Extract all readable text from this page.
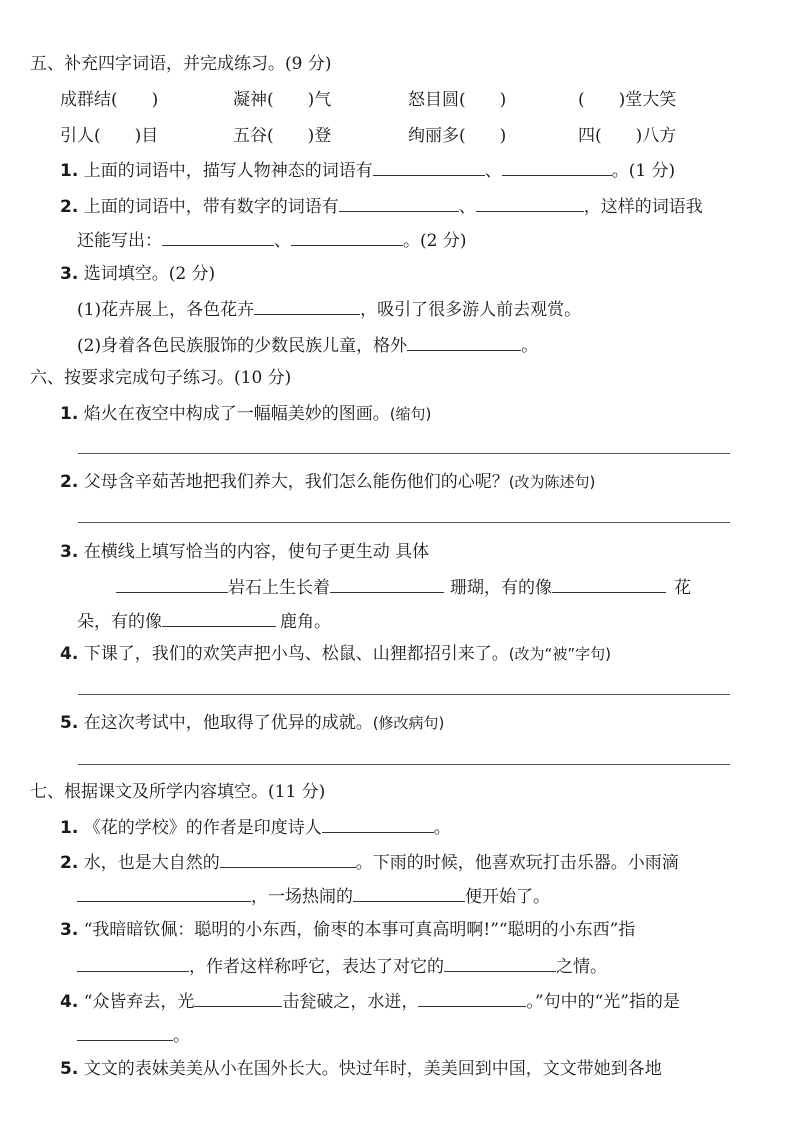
五、补充四字词语，并完成练习。(9 分)
成群结(　　)	凝神(　　)气	怒目圆(　　)	(　　)堂大笑
引人(　　)目	五谷(　　)登	绚丽多(　　)	四(　　)八方
1. 上面的词语中，描写人物神态的词语有	、	。(1 分)
2. 上面的词语中，带有数字的词语有	、	，这样的词语我
还能写出：	、	。(2 分)
3. 选词填空。(2 分)
(1)花卉展上，各色花卉	，吸引了很多游人前去观赏。
(2)身着各色民族服饰的少数民族儿童，格外	。
六、按要求完成句子练习。(10 分)
1. 焰火在夜空中构成了一幅幅美妙的图画。(缩句)
2. 父母含辛茹苦地把我们养大，我们怎么能伤他们的心呢？(改为陈述句)
3. 在横线上填写恰当的内容，使句子更生动 具体
岩石上生长着	珊瑚，有的像	花
朵，有的像	鹿角。
4. 下课了，我们的欢笑声把小鸟、松鼠、山狸都招引来了。(改为“被”字句)
5. 在这次考试中，他取得了优异的成就。(修改病句)
七、根据课文及所学内容填空。(11 分)
1. 《花的学校》的作者是印度诗人	。
2. 水，也是大自然的	。下雨的时候，他喜欢玩打击乐器。小雨滴
，一场热闹的	便开始了。
3. “我暗暗钦佩：聪明的小东西，偷枣的本事可真高明啊!”“聪明的小东西”指
，作者这样称呼它，表达了对它的	之情。
4. “众皆弃去，光	击瓮破之，水迸，	。”句中的“光”指的是
。
5. 文文的表妹美美从小在国外长大。快过年时，美美回到中国，文文带她到各地
